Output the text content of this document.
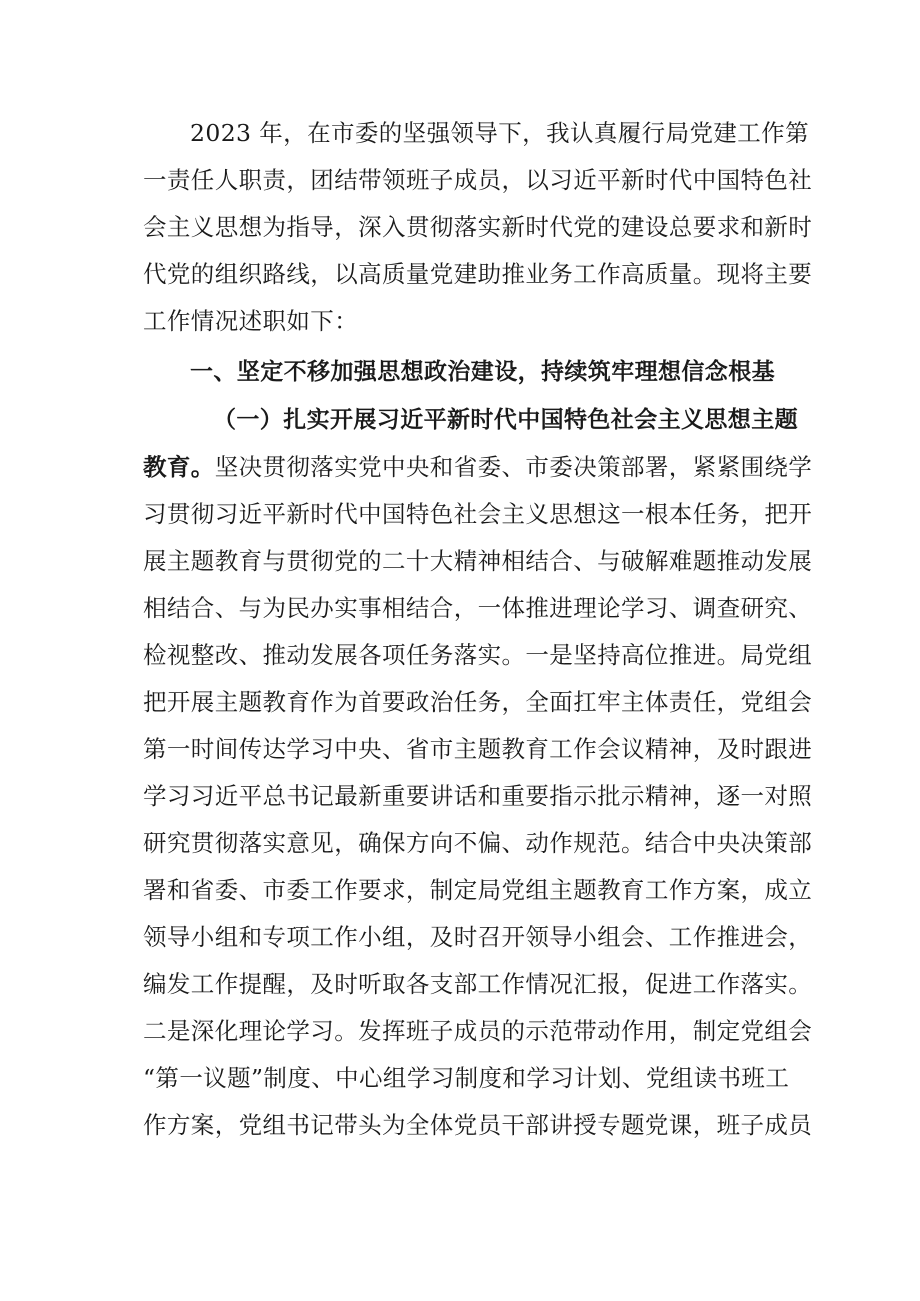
2023 年，在市委的坚强领导下，我认真履行局党建工作第
一责任人职责，团结带领班子成员，以习近平新时代中国特色社
会主义思想为指导，深入贯彻落实新时代党的建设总要求和新时
代党的组织路线，以高质量党建助推业务工作高质量。现将主要
工作情况述职如下：
一、坚定不移加强思想政治建设，持续筑牢理想信念根基
（一）扎实开展习近平新时代中国特色社会主义思想主题
教育。坚决贯彻落实党中央和省委、市委决策部署，紧紧围绕学
习贯彻习近平新时代中国特色社会主义思想这一根本任务，把开
展主题教育与贯彻党的二十大精神相结合、与破解难题推动发展
相结合、与为民办实事相结合，一体推进理论学习、调查研究、
检视整改、推动发展各项任务落实。一是坚持高位推进。局党组
把开展主题教育作为首要政治任务，全面扛牢主体责任，党组会
第一时间传达学习中央、省市主题教育工作会议精神，及时跟进
学习习近平总书记最新重要讲话和重要指示批示精神，逐一对照
研究贯彻落实意见，确保方向不偏、动作规范。结合中央决策部
署和省委、市委工作要求，制定局党组主题教育工作方案，成立
领导小组和专项工作小组，及时召开领导小组会、工作推进会，
编发工作提醒，及时听取各支部工作情况汇报，促进工作落实。
二是深化理论学习。发挥班子成员的示范带动作用，制定党组会
“第一议题”制度、中心组学习制度和学习计划、党组读书班工
作方案，党组书记带头为全体党员干部讲授专题党课，班子成员
